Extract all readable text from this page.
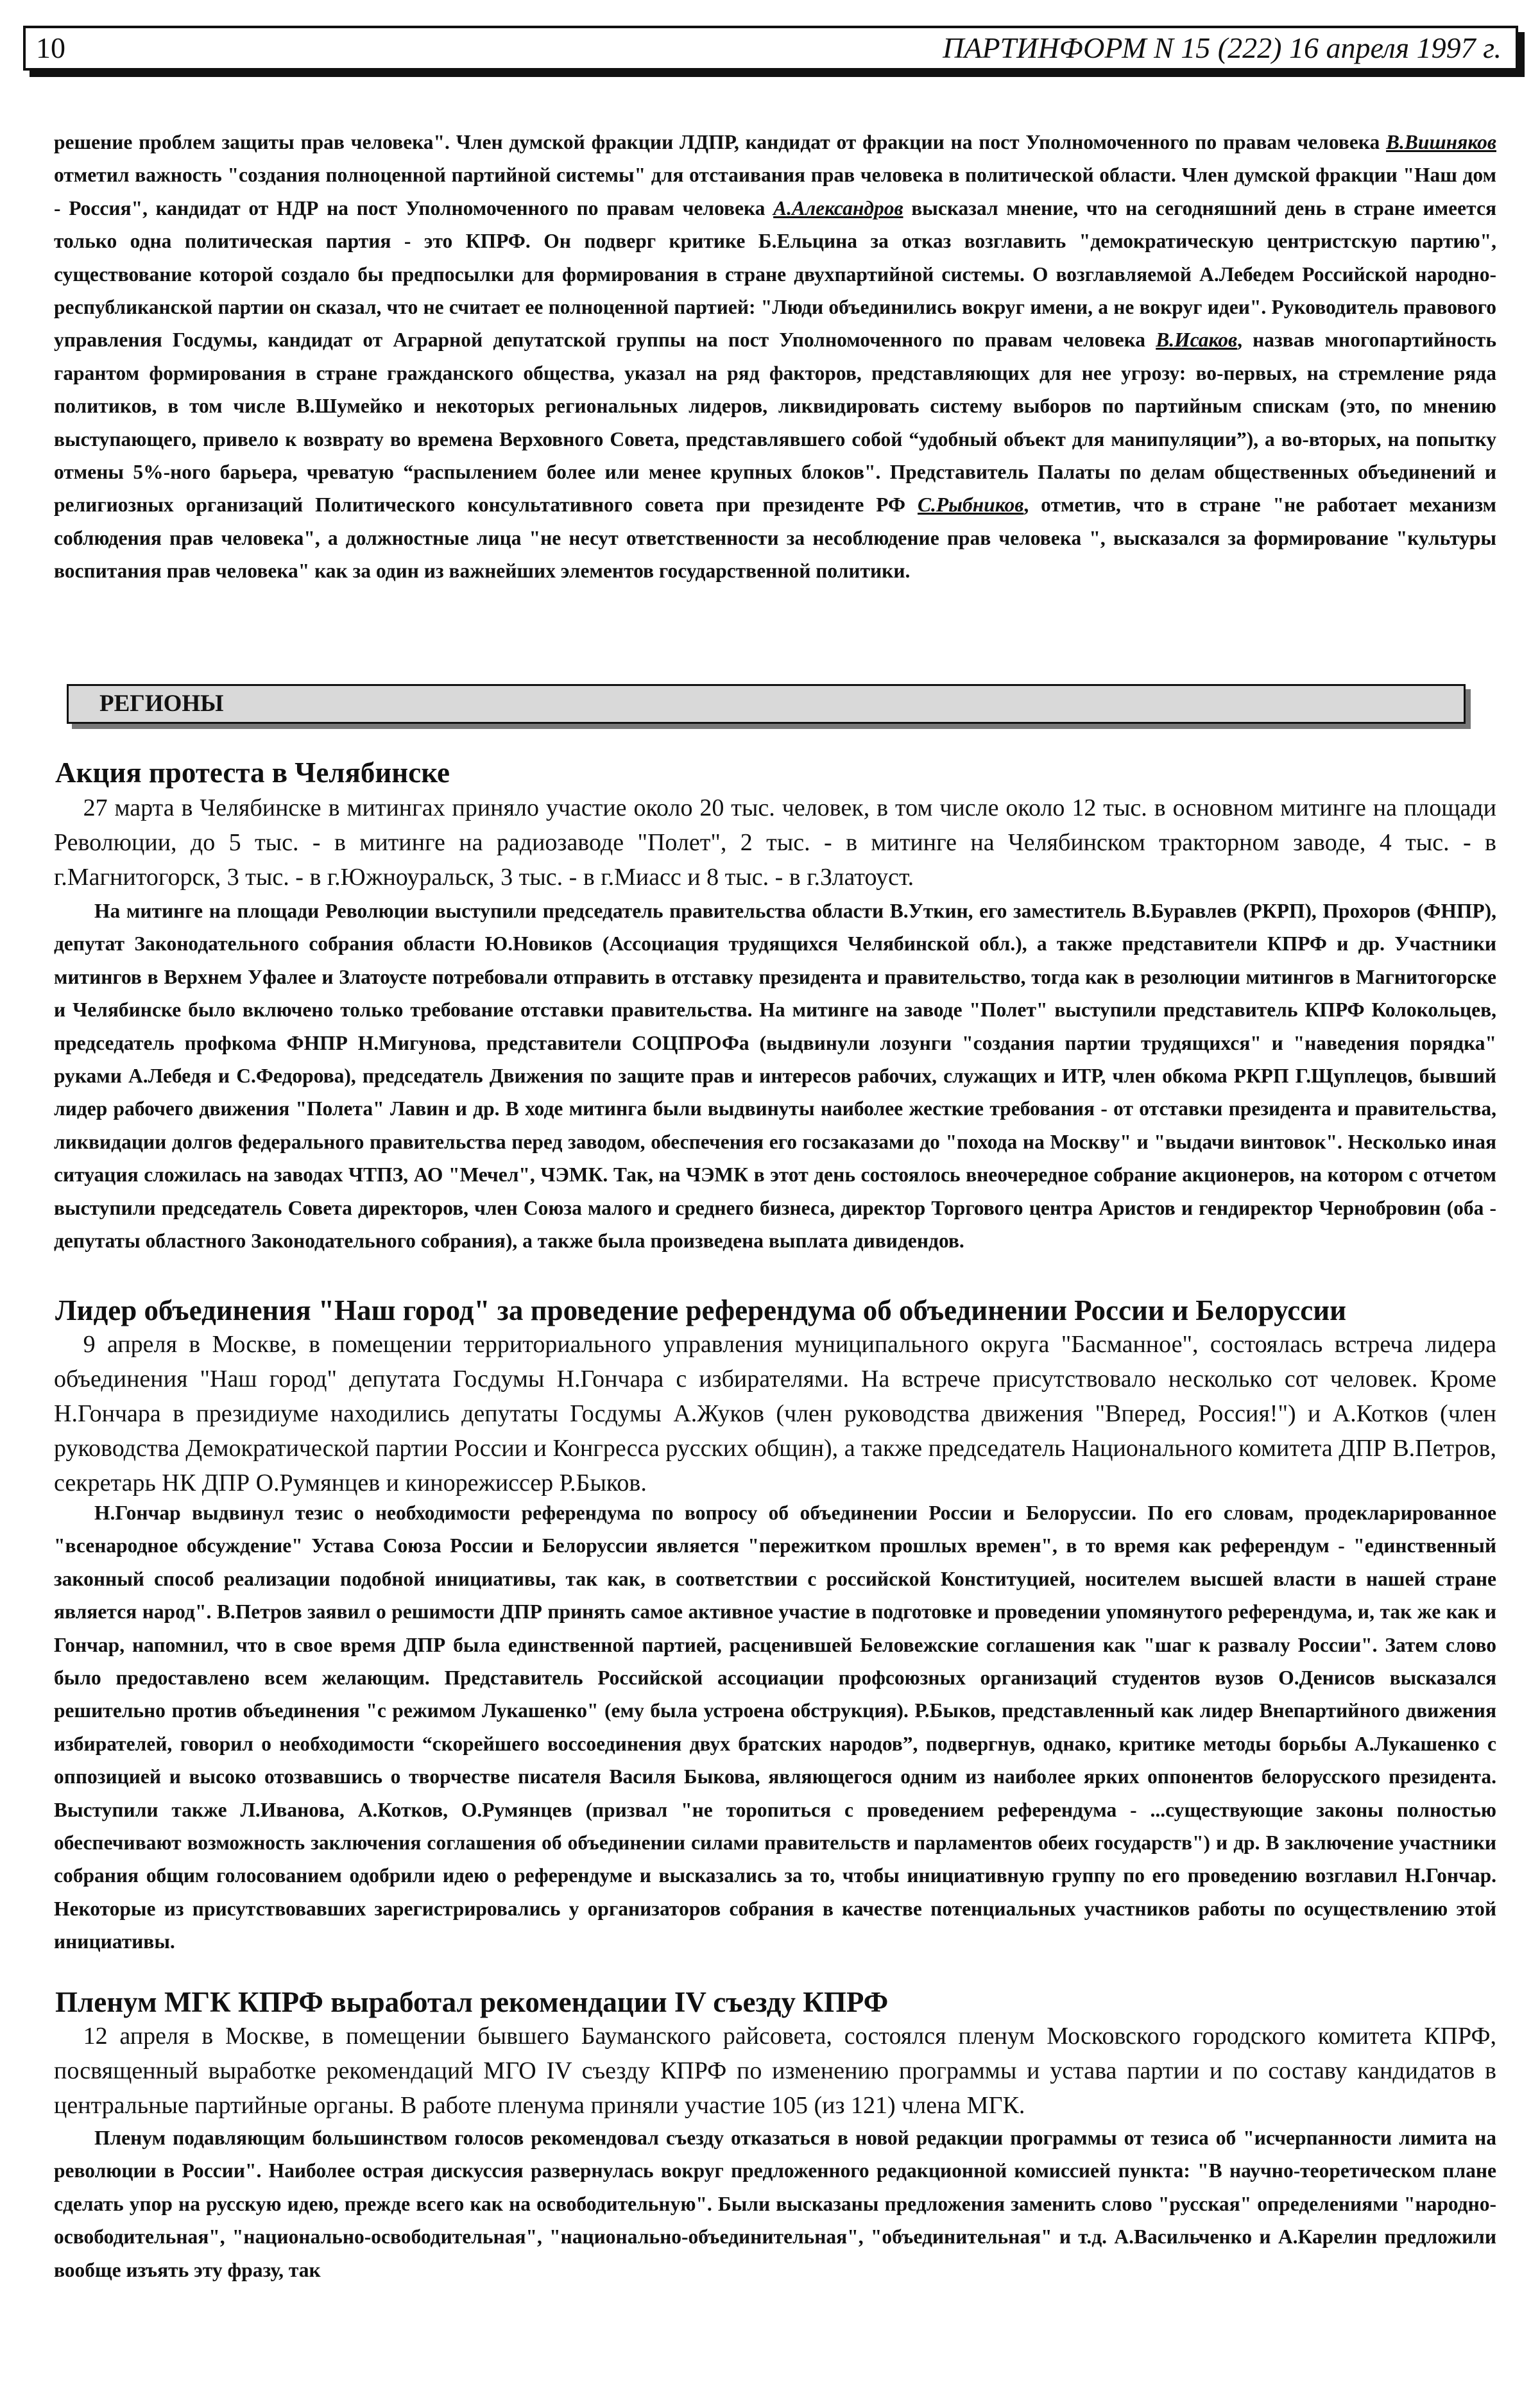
10	ПАРТИНФОРМ N 15 (222) 16 апреля 1997 г.

решение проблем защиты прав человека". Член думской фракции ЛДПР, кандидат от фракции на пост Уполномоченного по правам человека В.Вишняков отметил важность "создания полноценной партийной системы" для отстаивания прав человека в политической области. Член думской фракции "Наш дом - Россия", кандидат от НДР на пост Уполномоченного по правам человека А.Александров высказал мнение, что на сегодняшний день в стране имеется только одна политическая партия - это КПРФ. Он подверг критике Б.Ельцина за отказ возглавить "демократическую центристскую партию", существование которой создало бы предпосылки для формирования в стране двухпартийной системы. О возглавляемой А.Лебедем Российской народно-республиканской партии он сказал, что не считает ее полноценной партией: "Люди объединились вокруг имени, а не вокруг идеи". Руководитель правового управления Госдумы, кандидат от Аграрной депутатской группы на пост Уполномоченного по правам человека В.Исаков, назвав многопартийность гарантом формирования в стране гражданского общества, указал на ряд факторов, представляющих для нее угрозу: во-первых, на стремление ряда политиков, в том числе В.Шумейко и некоторых региональных лидеров, ликвидировать систему выборов по партийным спискам (это, по мнению выступающего, привело к возврату во времена Верховного Совета, представлявшего собой “удобный объект для манипуляции”), а во-вторых, на попытку отмены 5%-ного барьера, чреватую “распылением более или менее крупных блоков". Представитель Палаты по делам общественных объединений и религиозных организаций Политического консультативного совета при президенте РФ С.Рыбников, отметив, что в стране "не работает механизм соблюдения прав человека", а должностные лица "не несут ответственности за несоблюдение прав человека ", высказался за формирование "культуры воспитания прав человека" как за один из важнейших элементов государственной политики.

РЕГИОНЫ
Акция протеста в Челябинске

27 марта в Челябинске в митингах приняло участие около 20 тыс. человек, в том числе около 12 тыс. в основном митинге на площади Революции, до 5 тыс. - в митинге на радиозаводе "Полет", 2 тыс. - в митинге на Челябинском тракторном заводе, 4 тыс. - в г.Магнитогорск, 3 тыс. - в г.Южноуральск, 3 тыс. - в г.Миасс и 8 тыс. - в г.Златоуст.

На митинге на площади Революции выступили председатель правительства области В.Уткин, его заместитель В.Буравлев (РКРП), Прохоров (ФНПР), депутат Законодательного собрания области Ю.Новиков (Ассоциация трудящихся Челябинской обл.), а также представители КПРФ и др. Участники митингов в Верхнем Уфалее и Златоусте потребовали отправить в отставку президента и правительство, тогда как в резолюции митингов в Магнитогорске и Челябинске было включено только требование отставки правительства. На митинге на заводе "Полет" выступили представитель КПРФ Колокольцев, председатель профкома ФНПР Н.Мигунова, представители СОЦПРОФа (выдвинули лозунги "создания партии трудящихся" и "наведения порядка" руками А.Лебедя и С.Федорова), председатель Движения по защите прав и интересов рабочих, служащих и ИТР, член обкома РКРП Г.Щуплецов, бывший лидер рабочего движения "Полета" Лавин и др. В ходе митинга были выдвинуты наиболее жесткие требования - от отставки президента и правительства, ликвидации долгов федерального правительства перед заводом, обеспечения его госзаказами до "похода на Москву" и "выдачи винтовок". Несколько иная ситуация сложилась на заводах ЧТПЗ, АО "Мечел", ЧЭМК. Так, на ЧЭМК в этот день состоялось внеочередное собрание акционеров, на котором с отчетом выступили председатель Совета директоров, член Союза малого и среднего бизнеса, директор Торгового центра Аристов и гендиректор Чернобровин (оба - депутаты областного Законодательного собрания), а также была произведена выплата дивидендов.

Лидер объединения "Наш город" за проведение референдума об объединении России и Белоруссии

9 апреля в Москве, в помещении территориального управления муниципального округа "Басманное", состоялась встреча лидера объединения "Наш город" депутата Госдумы Н.Гончара с избирателями. На встрече присутствовало несколько сот человек. Кроме Н.Гончара в президиуме находились депутаты Госдумы А.Жуков (член руководства движения "Вперед, Россия!") и А.Котков (член руководства Демократической партии России и Конгресса русских общин), а также председатель Национального комитета ДПР В.Петров, секретарь НК ДПР О.Румянцев и кинорежиссер Р.Быков.

Н.Гончар выдвинул тезис о необходимости референдума по вопросу об объединении России и Белоруссии. По его словам, продекларированное "всенародное обсуждение" Устава Союза России и Белоруссии является "пережитком прошлых времен", в то время как референдум - "единственный законный способ реализации подобной инициативы, так как, в соответствии с российской Конституцией, носителем высшей власти в нашей стране является народ". В.Петров заявил о решимости ДПР принять самое активное участие в подготовке и проведении упомянутого референдума, и, так же как и Гончар, напомнил, что в свое время ДПР была единственной партией, расценившей Беловежские соглашения как "шаг к развалу России". Затем слово было предоставлено всем желающим. Представитель Российской ассоциации профсоюзных организаций студентов вузов О.Денисов высказался решительно против объединения "с режимом Лукашенко" (ему была устроена обструкция). Р.Быков, представленный как лидер Внепартийного движения избирателей, говорил о необходимости “скорейшего воссоединения двух братских народов”, подвергнув, однако, критике методы борьбы А.Лукашенко с оппозицией и высоко отозвавшись о творчестве писателя Василя Быкова, являющегося одним из наиболее ярких оппонентов белорусского президента. Выступили также Л.Иванова, А.Котков, О.Румянцев (призвал "не торопиться с проведением референдума - ...существующие законы полностью обеспечивают возможность заключения соглашения об объединении силами правительств и парламентов обеих государств") и др. В заключение участники собрания общим голосованием одобрили идею о референдуме и высказались за то, чтобы инициативную группу по его проведению возглавил Н.Гончар. Некоторые из присутствовавших зарегистрировались у организаторов собрания в качестве потенциальных участников работы по осуществлению этой инициативы.

Пленум МГК КПРФ выработал рекомендации IV съезду КПРФ

12 апреля в Москве, в помещении бывшего Бауманского райсовета, состоялся пленум Московского городского комитета КПРФ, посвященный выработке рекомендаций МГО IV съезду КПРФ по изменению программы и устава партии и по составу кандидатов в центральные партийные органы. В работе пленума приняли участие 105 (из 121) члена МГК.

Пленум подавляющим большинством голосов рекомендовал съезду отказаться в новой редакции программы от тезиса об "исчерпанности лимита на революции в России". Наиболее острая дискуссия развернулась вокруг предложенного редакционной комиссией пункта: "В научно-теоретическом плане сделать упор на русскую идею, прежде всего как на освободительную". Были высказаны предложения заменить слово "русская" определениями "народно-освободительная", "национально-освободительная", "национально-объединительная", "объединительная" и т.д. А.Васильченко и А.Карелин предложили вообще изъять эту фразу, так
